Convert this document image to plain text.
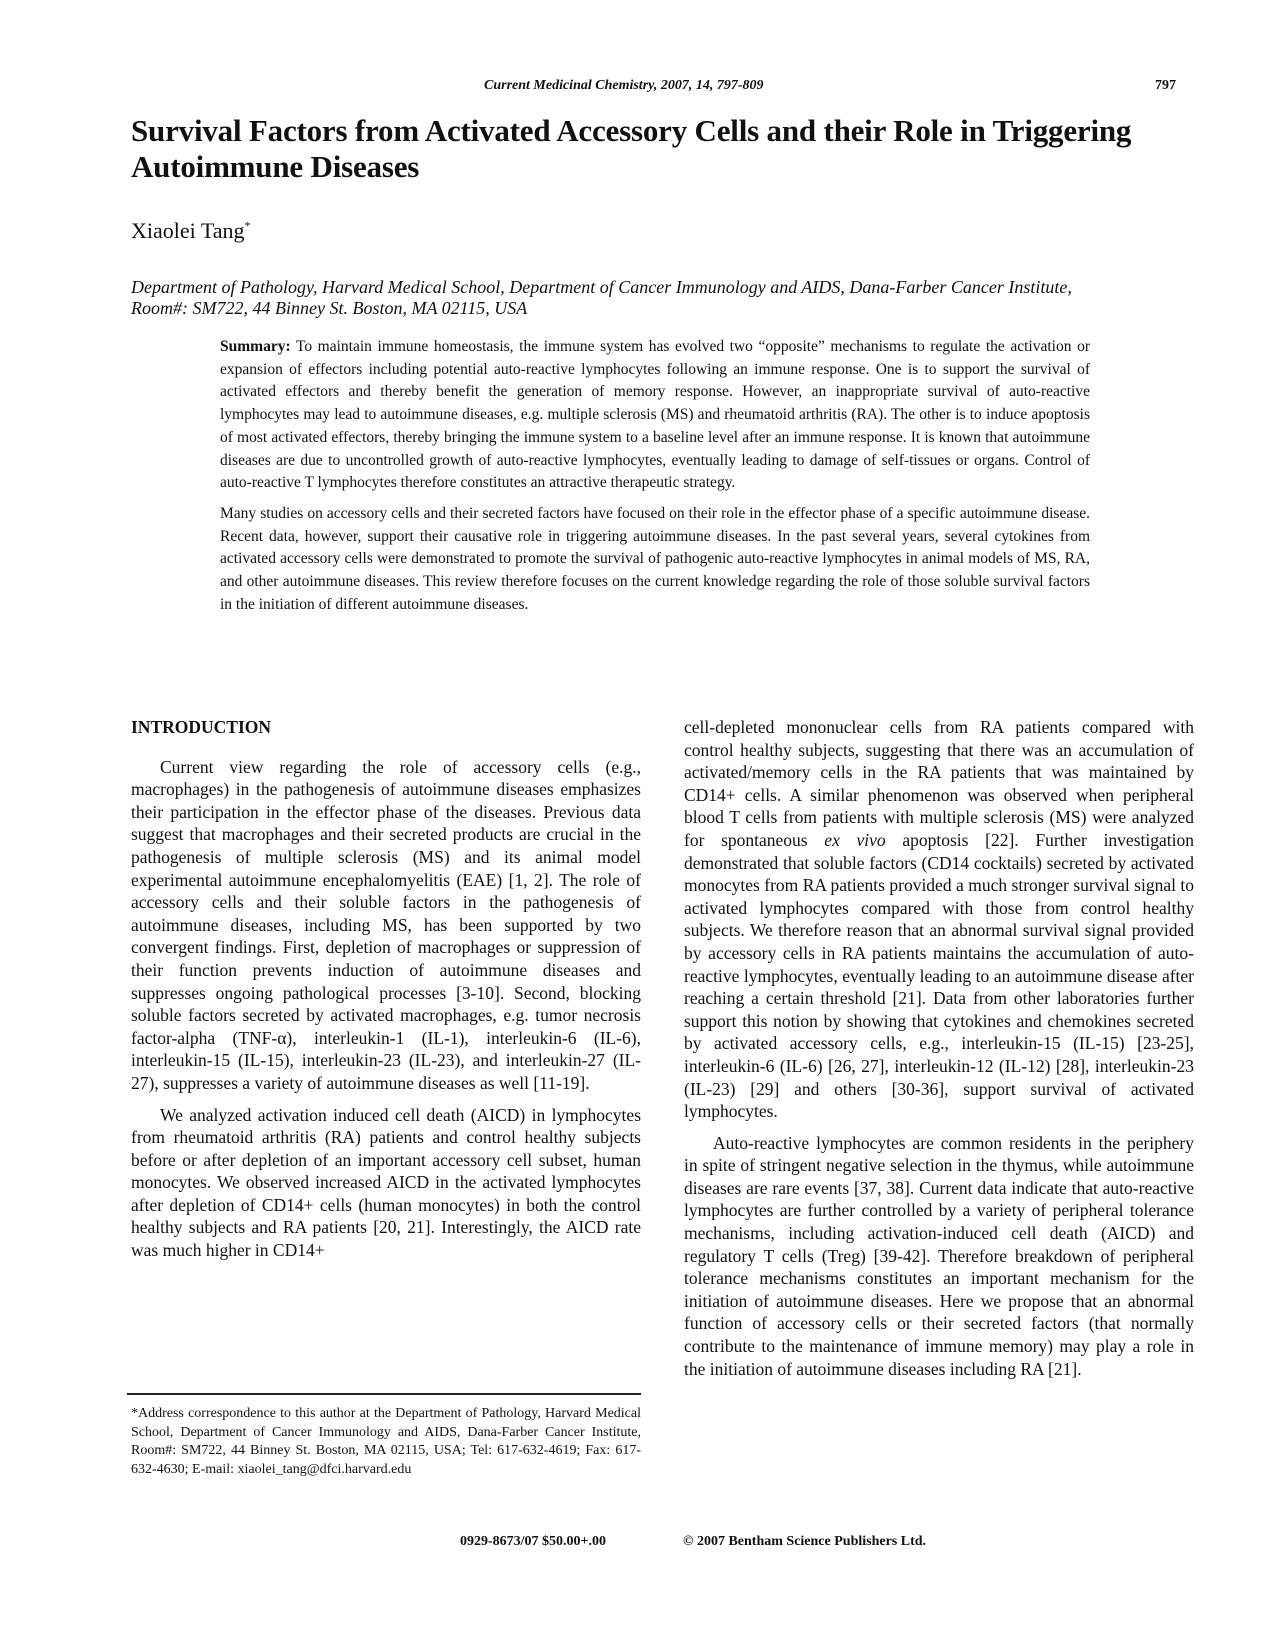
Current Medicinal Chemistry, 2007, 14, 797-809	797
Survival Factors from Activated Accessory Cells and their Role in Triggering Autoimmune Diseases
Xiaolei Tang*
Department of Pathology, Harvard Medical School, Department of Cancer Immunology and AIDS, Dana-Farber Cancer Institute, Room#: SM722, 44 Binney St. Boston, MA 02115, USA

Summary: To maintain immune homeostasis, the immune system has evolved two “opposite” mechanisms to regulate the activation or expansion of effectors including potential auto-reactive lymphocytes following an immune response. One is to support the survival of activated effectors and thereby benefit the generation of memory response. However, an inappropriate survival of auto-reactive lymphocytes may lead to autoimmune diseases, e.g. multiple sclerosis (MS) and rheumatoid arthritis (RA). The other is to induce apoptosis of most activated effectors, thereby bringing the immune system to a baseline level after an immune response. It is known that autoimmune diseases are due to uncontrolled growth of auto-reactive lymphocytes, eventually leading to damage of self-tissues or organs. Control of auto-reactive T lymphocytes therefore constitutes an attractive therapeutic strategy.

Many studies on accessory cells and their secreted factors have focused on their role in the effector phase of a specific autoimmune disease. Recent data, however, support their causative role in triggering autoimmune diseases. In the past several years, several cytokines from activated accessory cells were demonstrated to promote the survival of pathogenic auto-reactive lymphocytes in animal models of MS, RA, and other autoimmune diseases. This review therefore focuses on the current knowledge regarding the role of those soluble survival factors in the initiation of different autoimmune diseases.

INTRODUCTION

Current view regarding the role of accessory cells (e.g., macrophages) in the pathogenesis of autoimmune diseases emphasizes their participation in the effector phase of the diseases. Previous data suggest that macrophages and their secreted products are crucial in the pathogenesis of multiple sclerosis (MS) and its animal model experimental autoimmune encephalomyelitis (EAE) [1, 2]. The role of accessory cells and their soluble factors in the pathogenesis of autoimmune diseases, including MS, has been supported by two convergent findings. First, depletion of macrophages or suppression of their function prevents induction of autoimmune diseases and suppresses ongoing pathological processes [3-10]. Second, blocking soluble factors secreted by activated macrophages, e.g. tumor necrosis factor-alpha (TNF-α), interleukin-1 (IL-1), interleukin-6 (IL-6), interleukin-15 (IL-15), interleukin-23 (IL-23), and interleukin-27 (IL-27), suppresses a variety of autoimmune diseases as well [11-19].

We analyzed activation induced cell death (AICD) in lymphocytes from rheumatoid arthritis (RA) patients and control healthy subjects before or after depletion of an important accessory cell subset, human monocytes. We observed increased AICD in the activated lymphocytes after depletion of CD14+ cells (human monocytes) in both the control healthy subjects and RA patients [20, 21]. Interestingly, the AICD rate was much higher in CD14+

cell-depleted mononuclear cells from RA patients compared with control healthy subjects, suggesting that there was an accumulation of activated/memory cells in the RA patients that was maintained by CD14+ cells. A similar phenomenon was observed when peripheral blood T cells from patients with multiple sclerosis (MS) were analyzed for spontaneous ex vivo apoptosis [22]. Further investigation demonstrated that soluble factors (CD14 cocktails) secreted by activated monocytes from RA patients provided a much stronger survival signal to activated lymphocytes compared with those from control healthy subjects. We therefore reason that an abnormal survival signal provided by accessory cells in RA patients maintains the accumulation of auto-reactive lymphocytes, eventually leading to an autoimmune disease after reaching a certain threshold [21]. Data from other laboratories further support this notion by showing that cytokines and chemokines secreted by activated accessory cells, e.g., interleukin-15 (IL-15) [23-25], interleukin-6 (IL-6) [26, 27], interleukin-12 (IL-12) [28], interleukin-23 (IL-23) [29] and others [30-36], support survival of activated lymphocytes.

Auto-reactive lymphocytes are common residents in the periphery in spite of stringent negative selection in the thymus, while autoimmune diseases are rare events [37, 38]. Current data indicate that auto-reactive lymphocytes are further controlled by a variety of peripheral tolerance mechanisms, including activation-induced cell death (AICD) and regulatory T cells (Treg) [39-42]. Therefore breakdown of peripheral tolerance mechanisms constitutes an important mechanism for the initiation of autoimmune diseases. Here we propose that an abnormal function of accessory cells or their secreted factors (that normally contribute to the maintenance of immune memory) may play a role in the initiation of autoimmune diseases including RA [21].

*Address correspondence to this author at the Department of Pathology, Harvard Medical School, Department of Cancer Immunology and AIDS, Dana-Farber Cancer Institute, Room#: SM722, 44 Binney St. Boston, MA 02115, USA; Tel: 617-632-4619; Fax: 617-632-4630; E-mail: xiaolei_tang@dfci.harvard.edu
0929-8673/07 $50.00+.00	© 2007 Bentham Science Publishers Ltd.
